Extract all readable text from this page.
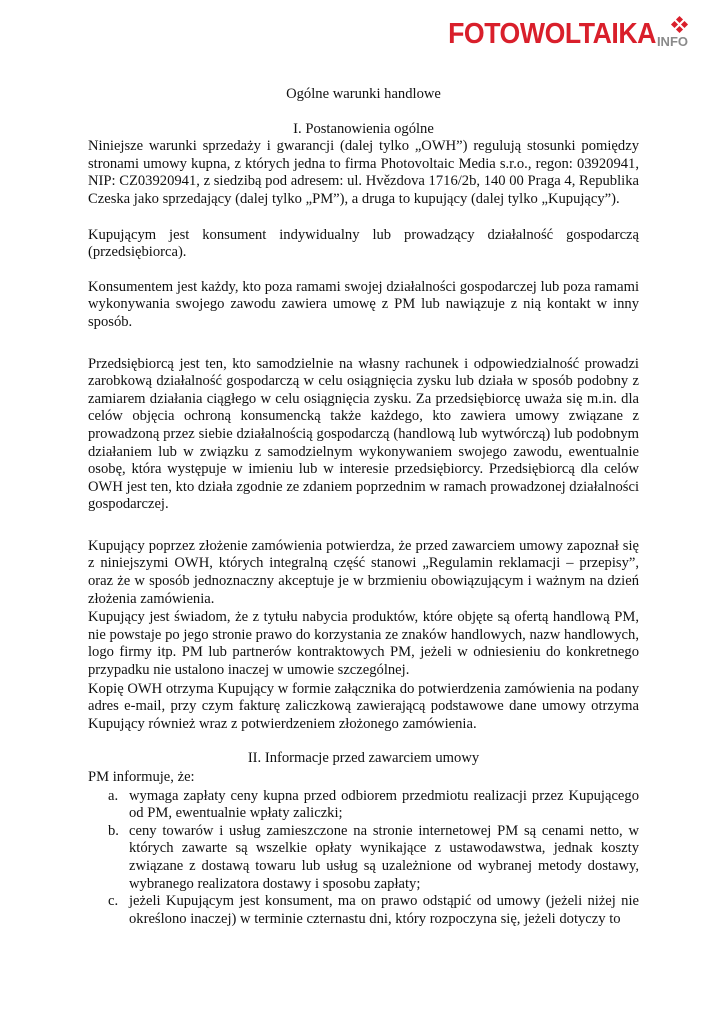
FOTOWOLTAIKA INFO
Ogólne warunki handlowe
I. Postanowienia ogólne

Niniejsze warunki sprzedaży i gwarancji (dalej tylko „OWH”) regulują stosunki pomiędzy stronami umowy kupna, z których jedna to firma Photovoltaic Media s.r.o., regon: 03920941, NIP: CZ03920941, z siedzibą pod adresem: ul. Hvězdova 1716/2b, 140 00 Praga 4, Republika Czeska jako sprzedający (dalej tylko „PM”), a druga to kupujący (dalej tylko „Kupujący”).

Kupującym jest konsument indywidualny lub prowadzący działalność gospodarczą (przedsiębiorca).

Konsumentem jest każdy, kto poza ramami swojej działalności gospodarczej lub poza ramami wykonywania swojego zawodu zawiera umowę z PM lub nawiązuje z nią kontakt w inny sposób.

Przedsiębiorcą jest ten, kto samodzielnie na własny rachunek i odpowiedzialność prowadzi zarobkową działalność gospodarczą w celu osiągnięcia zysku lub działa w sposób podobny z zamiarem działania ciągłego w celu osiągnięcia zysku. Za przedsiębiorcę uważa się m.in. dla celów objęcia ochroną konsumencką także każdego, kto zawiera umowy związane z prowadzoną przez siebie działalnością gospodarczą (handlową lub wytwórczą) lub podobnym działaniem lub w związku z samodzielnym wykonywaniem swojego zawodu, ewentualnie osobę, która występuje w imieniu lub w interesie przedsiębiorcy. Przedsiębiorcą dla celów OWH jest ten, kto działa zgodnie ze zdaniem poprzednim w ramach prowadzonej działalności gospodarczej.

Kupujący poprzez złożenie zamówienia potwierdza, że przed zawarciem umowy zapoznał się z niniejszymi OWH, których integralną część stanowi „Regulamin reklamacji – przepisy”, oraz że w sposób jednoznaczny akceptuje je w brzmieniu obowiązującym i ważnym na dzień złożenia zamówienia.

Kupujący jest świadom, że z tytułu nabycia produktów, które objęte są ofertą handlową PM, nie powstaje po jego stronie prawo do korzystania ze znaków handlowych, nazw handlowych, logo firmy itp. PM lub partnerów kontraktowych PM, jeżeli w odniesieniu do konkretnego przypadku nie ustalono inaczej w umowie szczególnej.

Kopię OWH otrzyma Kupujący w formie załącznika do potwierdzenia zamówienia na podany adres e-mail, przy czym fakturę zaliczkową zawierającą podstawowe dane umowy otrzyma Kupujący również wraz z potwierdzeniem złożonego zamówienia.

II. Informacje przed zawarciem umowy
PM informuje, że:
a. wymaga zapłaty ceny kupna przed odbiorem przedmiotu realizacji przez Kupującego od PM, ewentualnie wpłaty zaliczki;
b. ceny towarów i usług zamieszczone na stronie internetowej PM są cenami netto, w których zawarte są wszelkie opłaty wynikające z ustawodawstwa, jednak koszty związane z dostawą towaru lub usług są uzależnione od wybranej metody dostawy, wybranego realizatora dostawy i sposobu zapłaty;
c. jeżeli Kupującym jest konsument, ma on prawo odstąpić od umowy (jeżeli niżej nie określono inaczej) w terminie czternastu dni, który rozpoczyna się, jeżeli dotyczy to
